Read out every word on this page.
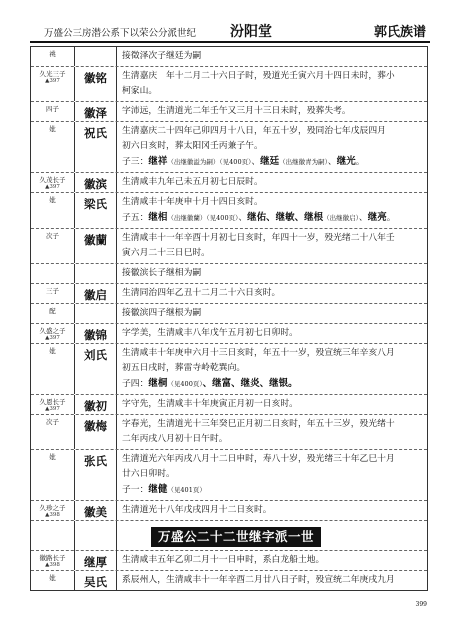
万盛公三房潜公系下以荣公分派世纪 汾阳堂	郭氏族谱
祧	接徵泽次子继廷为嗣

久光三子
▲397	徽铭	生清嘉庆　年十二月二十六日子时，殁道光壬寅六月十四日未时，葬小

柯家山。

四子	徽泽	字沛远，生清道光二年壬午又三月十三日未时，殁葬失考。

妣	祝氏	生清嘉庆二十四年己卯四月十八日，年五十岁，殁同治七年戊辰四月

初六日亥时，葬太阳冈壬丙兼子午。

子三：继祥（出继徽溢为嗣）（见400页）、继廷（出继徽青为嗣）、继光。

久茂长子
▲397	徽滨	生清咸丰九年己未五月初七日辰时。

妣	梁氏	生清咸丰十年庚申十月十四日亥时。

子五：继相（出继徽蘭）（见400页）、继佑、继敏、继根（出继徽启）、继亮。

次子	徽蘭	生清咸丰十一年辛酉十月初七日亥时，年四十一岁，殁光绪二十八年壬

寅六月二十三日巳时。

接徽滨长子继相为嗣

三子	徽启	生清同治四年乙丑十二月二十六日亥时。

配	接徽滨四子继根为嗣

久盛之子
▲397	徽锦	字学美，生清咸丰八年戊午五月初七日卯时。

妣	刘氏	生清咸丰十年庚申六月十三日亥时，年五十一岁，殁宣统三年辛亥八月

初五日戌时，葬雷寺岭乾巽向。

子四：继桐（见400页）、继富、继炎、继银。

久恩长子
▲397	徽初	字守先，生清咸丰十年庚寅正月初一日亥时。

次子	徽梅	字春光，生清道光十三年癸巳正月初二日亥时，年五十三岁，殁光绪十

二年丙戌八月初十日午时。

妣	张氏	生清道光六年丙戌八月十二日申时，寿八十岁，殁光绪三十年乙巳十月

廿六日卯时。

子一：继健（见401页）

久珍之子
▲398	徽美	生清道光十八年戊戌四月十二日亥时。

万盛公二十二世继字派一世
徽路长子
▲398	继厚	生清咸丰五年乙卯二月十一日申时，系白龙船土地。

妣	吴氏	系辰州人，生清咸丰十一年辛酉二月廿八日子时，殁宣统二年庚戌九月

399
